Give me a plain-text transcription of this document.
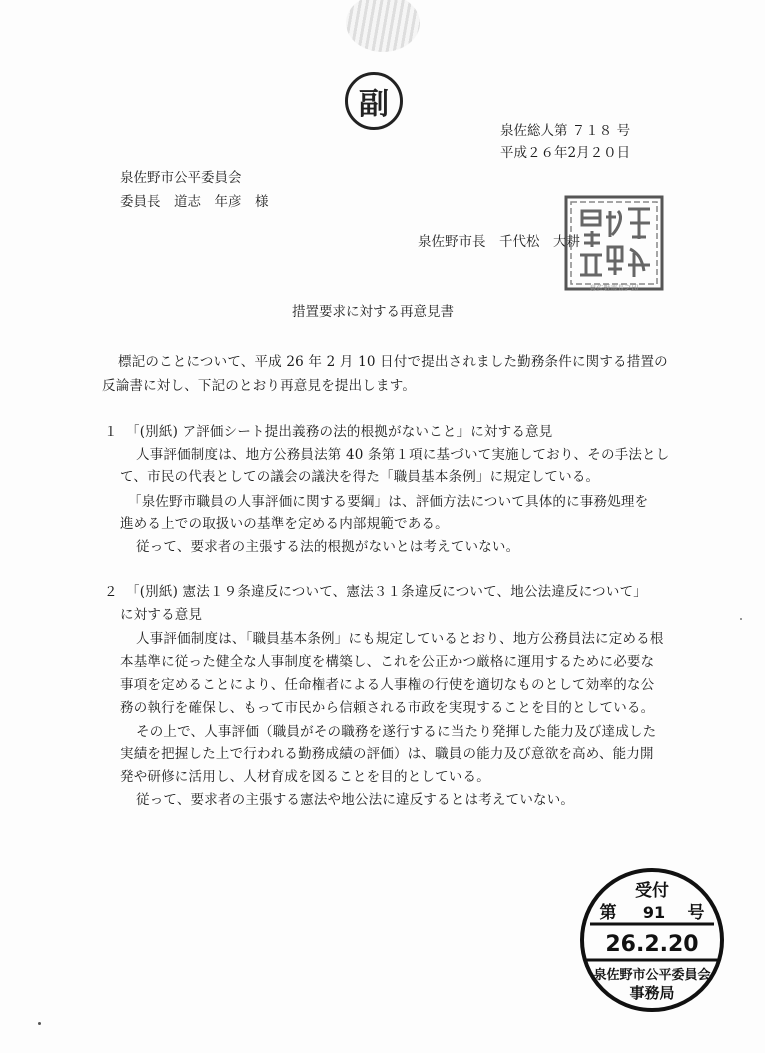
副
泉佐総人第 ７１８ 号
平成２６年2月２０日
泉佐野市公平委員会
委員長　道志　年彦　様
泉佐野市長　千代松　大耕
泉佐野市長之印
措置要求に対する再意見書
標記のことについて、平成 26 年 2 月 10 日付で提出されました勤務条件に関する措置の
反論書に対し、下記のとおり再意見を提出します。
１ 「(別紙) ア評価シート提出義務の法的根拠がないこと」に対する意見
人事評価制度は、地方公務員法第 40 条第１項に基づいて実施しており、その手法とし
て、市民の代表としての議会の議決を得た「職員基本条例」に規定している。
「泉佐野市職員の人事評価に関する要綱」は、評価方法について具体的に事務処理を
進める上での取扱いの基準を定める内部規範である。
従って、要求者の主張する法的根拠がないとは考えていない。
２ 「(別紙) 憲法１９条違反について、憲法３１条違反について、地公法違反について」
に対する意見
人事評価制度は、「職員基本条例」にも規定しているとおり、地方公務員法に定める根
本基準に従った健全な人事制度を構築し、これを公正かつ厳格に運用するために必要な
事項を定めることにより、任命権者による人事権の行使を適切なものとして効率的な公
務の執行を確保し、もって市民から信頼される市政を実現することを目的としている。
その上で、人事評価（職員がその職務を遂行するに当たり発揮した能力及び達成した
実績を把握した上で行われる勤務成績の評価）は、職員の能力及び意欲を高め、能力開
発や研修に活用し、人材育成を図ることを目的としている。
従って、要求者の主張する憲法や地公法に違反するとは考えていない。
受付
第 91 号
26.2.20
泉佐野市公平委員会
事務局
